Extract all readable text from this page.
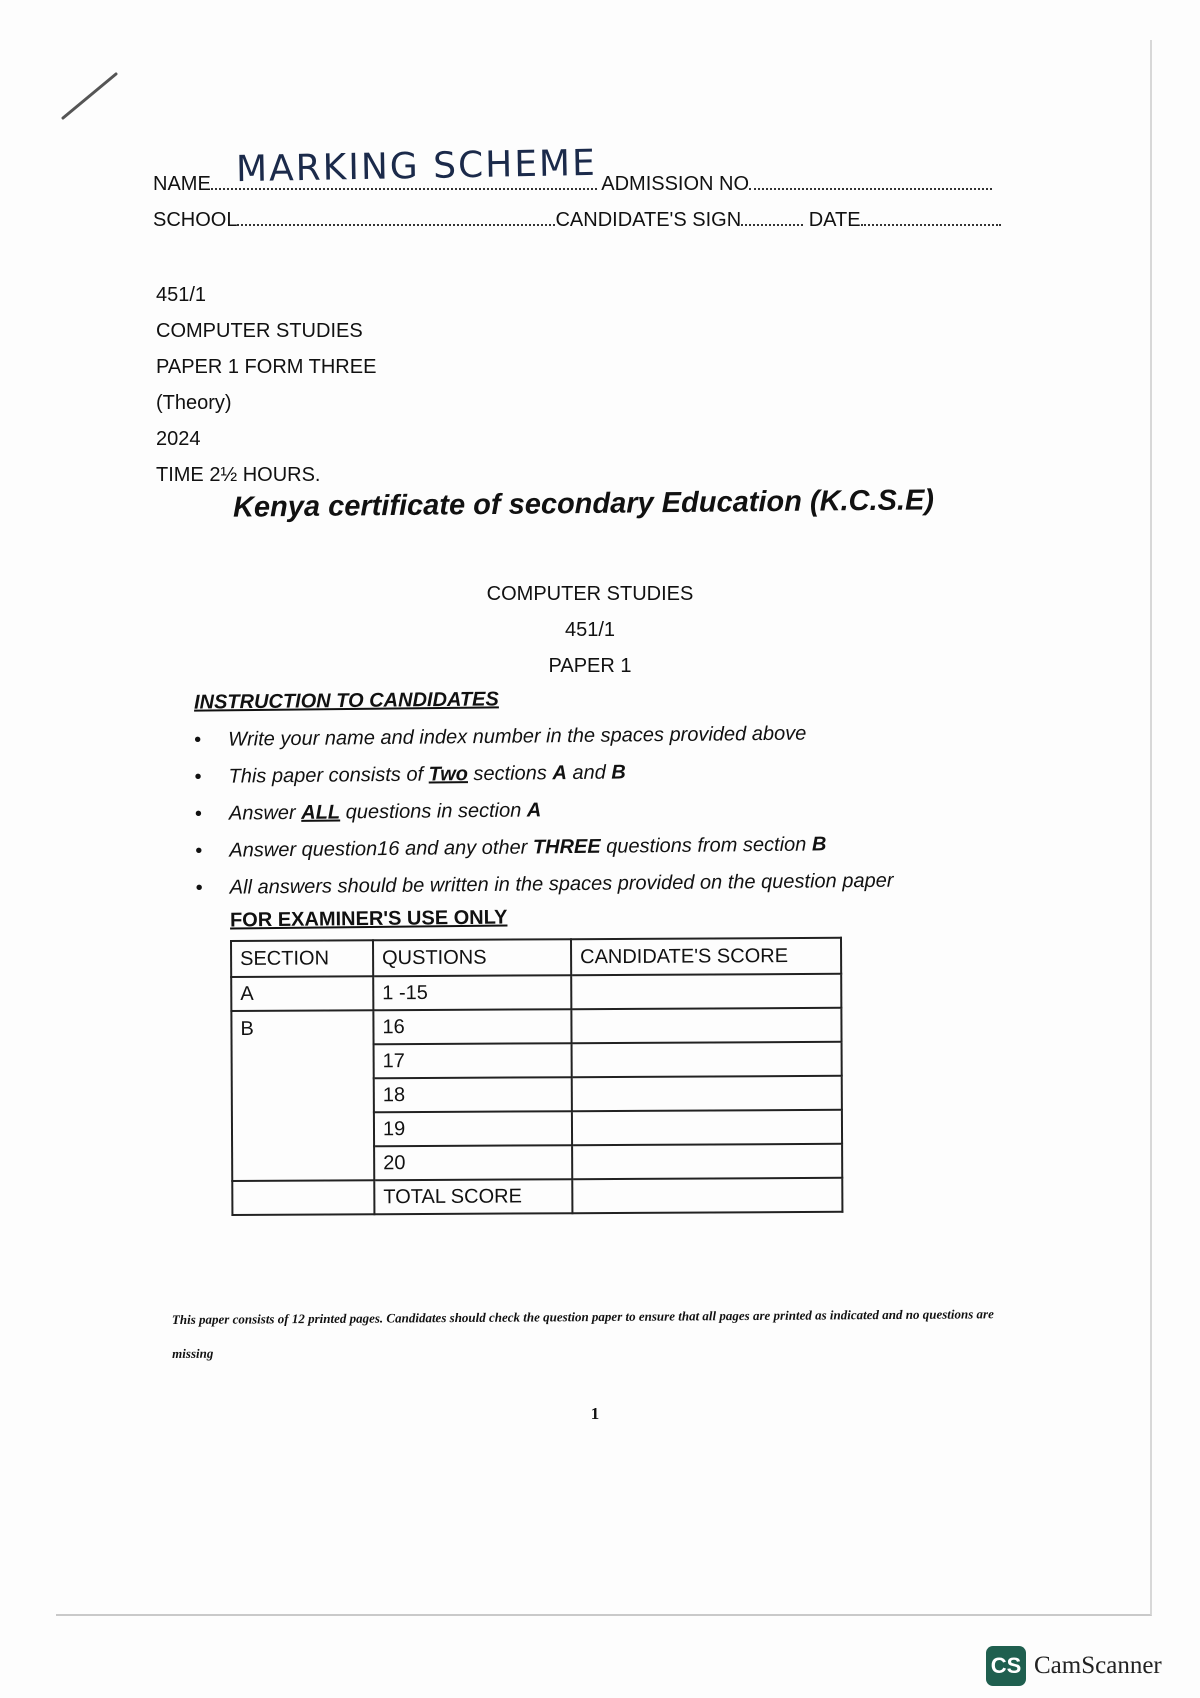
NAME	ADMISSION NO
MARKING SCHEME
SCHOOL	CANDIDATE'S SIGN	DATE
451/1
COMPUTER STUDIES
PAPER 1 FORM THREE
(Theory)
2024
TIME 2½ HOURS.
Kenya certificate of secondary Education (K.C.S.E)
COMPUTER STUDIES
451/1
PAPER 1
INSTRUCTION TO CANDIDATES
• Write your name and index number in the spaces provided above
• This paper consists of Two sections A and B
• Answer ALL questions in section A
• Answer question16 and any other THREE questions from section B
• All answers should be written in the spaces provided on the question paper
FOR EXAMINER'S USE ONLY
SECTION	QUSTIONS	CANDIDATE'S SCORE
A	1 -15	
B	16	
	17	
	18	
	19	
	20	
	TOTAL SCORE	
This paper consists of 12 printed pages. Candidates should check the question paper to ensure that all pages are printed as indicated and no questions are missing
1
CS CamScanner
